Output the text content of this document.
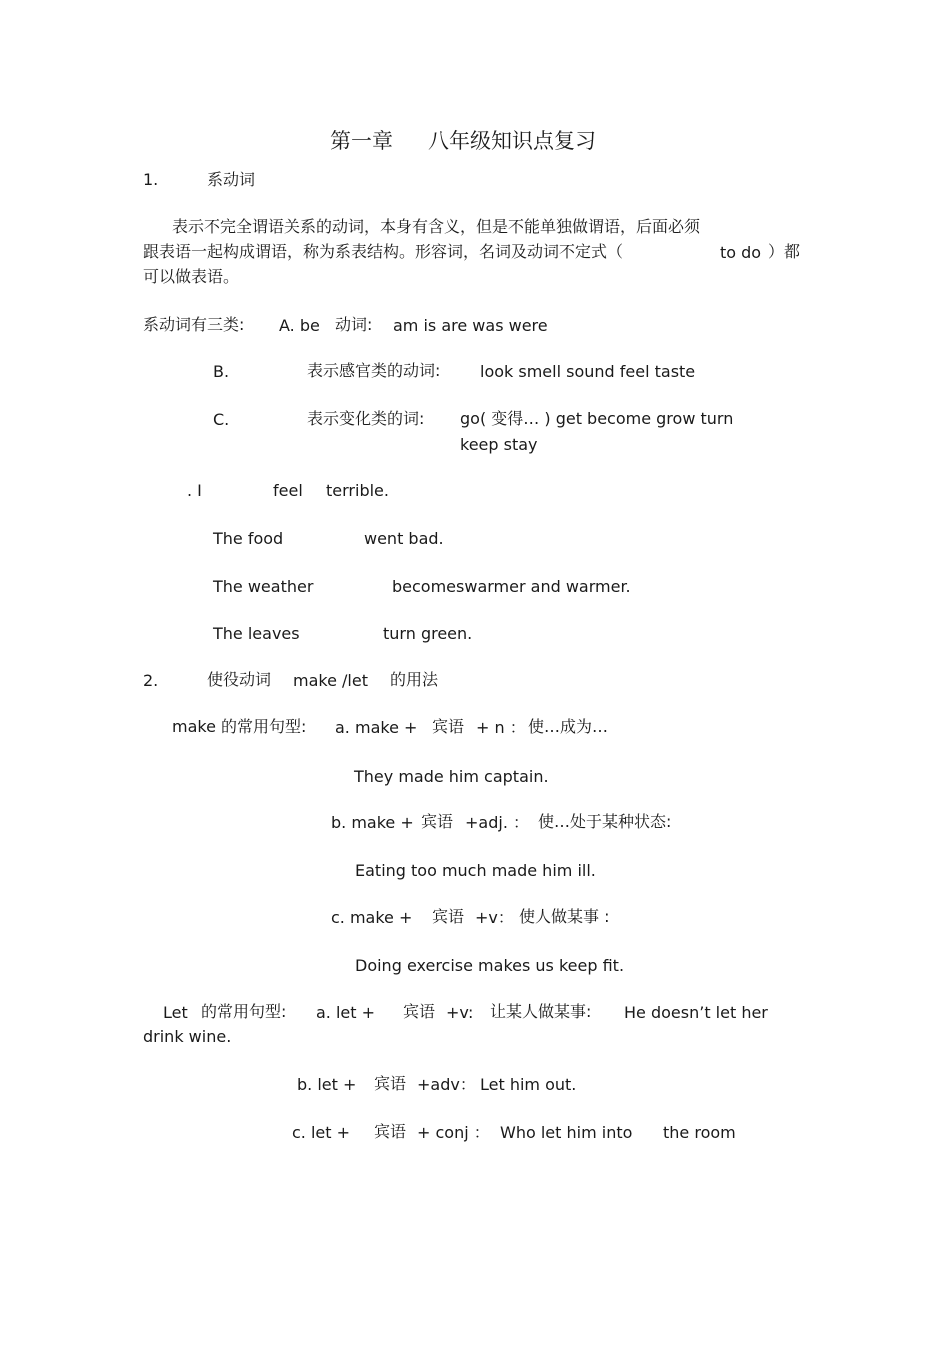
第一章 八年级知识点复习
1.	系动词
表示不完全谓语关系的动词，本身有含义，但是不能单独做谓语，后面必须
跟表语一起构成谓语，称为系表结构。形容词，名词及动词不定式（	to do ）都
可以做表语。
系动词有三类: A. be 动词: am is are was were
B.	表示感官类的动词: look smell sound feel taste
C.	表示变化类的词: go( 变得… ) get become grow turn
keep stay
. I	feel terrible.
The food	went bad.
The weather	becomeswarmer and warmer.
The leaves	turn green.
2.	使役动词 make /let 的用法
make 的常用句型: a. make + 宾语 + n ： 使…成为…
They made him captain.
b. make + 宾语 +adj. ： 使…处于某种状态:
Eating too much made him ill.
c. make + 宾语 +v： 使人做某事 :
Doing exercise makes us keep fit.
Let 的常用句型: a. let + 宾语 +v: 让某人做某事: He doesn’t let her
drink wine.
b. let + 宾语 +adv： Let him out.
c. let + 宾语 + conj ： Who let him into the room
